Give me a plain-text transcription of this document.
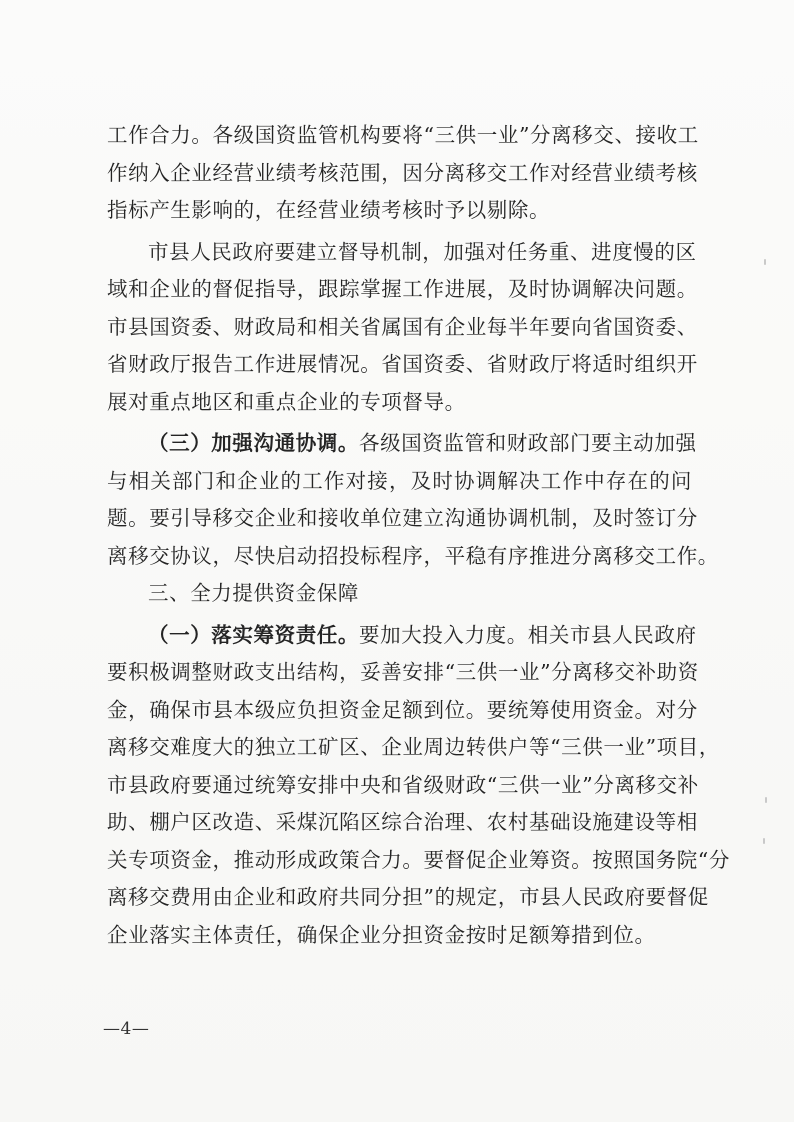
工作合力。各级国资监管机构要将“三供一业”分离移交、接收工
作纳入企业经营业绩考核范围，因分离移交工作对经营业绩考核
指标产生影响的，在经营业绩考核时予以剔除。
市县人民政府要建立督导机制，加强对任务重、进度慢的区
域和企业的督促指导，跟踪掌握工作进展，及时协调解决问题。
市县国资委、财政局和相关省属国有企业每半年要向省国资委、
省财政厅报告工作进展情况。省国资委、省财政厅将适时组织开
展对重点地区和重点企业的专项督导。
（三）加强沟通协调。各级国资监管和财政部门要主动加强
与相关部门和企业的工作对接，及时协调解决工作中存在的问
题。要引导移交企业和接收单位建立沟通协调机制，及时签订分
离移交协议，尽快启动招投标程序，平稳有序推进分离移交工作。
三、全力提供资金保障
（一）落实筹资责任。要加大投入力度。相关市县人民政府
要积极调整财政支出结构，妥善安排“三供一业”分离移交补助资
金，确保市县本级应负担资金足额到位。要统筹使用资金。对分
离移交难度大的独立工矿区、企业周边转供户等“三供一业”项目，
市县政府要通过统筹安排中央和省级财政“三供一业”分离移交补
助、棚户区改造、采煤沉陷区综合治理、农村基础设施建设等相
关专项资金，推动形成政策合力。要督促企业筹资。按照国务院“分
离移交费用由企业和政府共同分担”的规定，市县人民政府要督促
企业落实主体责任，确保企业分担资金按时足额筹措到位。
—4—
